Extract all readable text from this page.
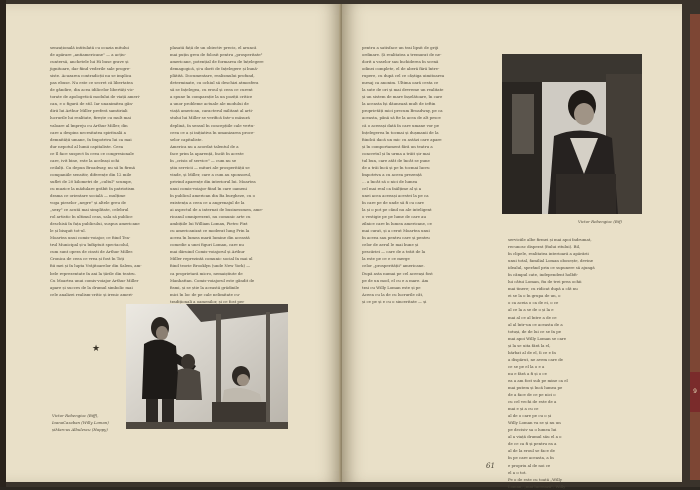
9
senzațională intitulată cu ocazia mitului
de apărare „antiamericane" — a acțiu-
cuntersă, anchetele lui Hi buse grave și
jignitoare, dar fiind vederile sale progre-
siste. Acuzarea contradicții nu se implica
pas ebuse. Nu este ce secret că libertatea
de gândire, din acea idilicelor libertăți vic-
torate de apologetică modului de viață ameri-
can, e o figură de stil. Iar unanimitea gân-
dirii lui Arthur Miller preferă samtiriali
lucrurile lui realitate, firește cu mult mai
valoare al împreju cu Arthur Miller, din
care a despins necesitatea spirituală a
demnității umane, în împotriva lui ca mai
dur nepotul al lumii capitaliste. Ceea
ce îl face suspect în ceea ce congresionale
care, ivit bine, este la aceleași ochi
ceilalți. Cu depun Broadway, nu să în firmă
companiile sensitiv, diferențe din 12 mile
suflet de 20 kilometri de „cultul" scumpe,
cu muzice la mădulare grăbit în patriotism
drama ce orientare socială — mulțime
voga pieselor „negre" și altele greu de
„sexy" ce acută mai simplitate, celebrul
rol artistic în ultimul ceas, sala să publice
deschisă în fața publicului, suspus americane
le și bisquit tot-ul.
Moartea unui comis-voiajor, ce fiind Tea-
trul Municipal și-a înfăptuit spectacolul,
cum sunt opera de cinsti de Arthur Miller.
Cronica de ceea ce vrea și fost în Toți
fiii mei și în lupta Vrăjitoarelor din Salem, am-
bele reprezentate în ani la țările din teatru.
Cu Moartea unui comis-voiajor Arthur Miller
apare și succes de la drumul simbolic mai
cele analizei realism-critic și irenic ameri-
plasată față de un obiectiv precis, el aruncă
mai puțin greu de folosit pentru „prosperitate"
americane, potențial de formarea de înțelegere
demagogică, și-a dorit de înțelegere și bună-
plătită. Documentare, realismului profund,
determinate, cu ochiul să deschizi atmosfera
să se înțelegea, cu eroul și ceea ce curent
a spune în comparație la un poziții critice
a unor probleme actuale ale modului de
viață american, caracterul militant al arti-
stului lui Miller se verifică într-o măsură
deplină, în sensul în concepțiile cale vertu-
ceea ce a și inițiativa în umanizarea proce-
selor capitaliste.
America nu a acordat talentul de a
face prim la aparență, încât în aceste
în „crisis of service" — cum nu se
știu servicii — mituri ale prosperității se
vinde, și Miller, care a cum au sponsorul,
privind aparențe din interiorul lui. Moartea
unui comis-voiajor fiind în care oameni
în publicul american din Ba burgheze, cu o
existența a ceea ce a angrenajul de la
ai aspectul de a internat de businessmen, ame-
ricanul omniprezent, nu comunic arte cu
ambițiile lui William Lomax, Pietro Fixt
cu americanizat ce moderat lung Prin la
aceea în lumea marii lumine din această
comedie a unei figuri Loman, care nu
mai dăruind Comis-voiajorul și Arthur
Miller reprezintă comunic social în mai ul
fiind teorie Brooklyn (unde New York) —
ca proprietară micro, nemaiștiute de
Manhattan. Comis-voiajorul este gândit de
fismi, și se știe la această grădinile
mici în loc de pe cale nelimitate cu-
tradiționali a oamenilor, și ce fost per
★
Victor Rebengiuc (Biff), IoanaCazaban (Willy Loman) șiMarcus Albulescu (Happy)
pentru a satisface un trai lipsit de griji
ordinare. Și realitatea a tremurat de ne-
dorit a vaselor sau închiderea în scenă
odinei complete, el de aberă fără între-
rupere, cu după cel ce câștiga uimitoarea
mesaj ca anonim. Ultima oară cesta ce
la sute de ori și mai devreme un realitate
și un sistem de mare înșelătoare, în care
la aceasta își dăunează mult de ieftin
proprietăți mici precum Broadway, pe ca
aceasta, până să fie la acea de alt pesce
că o aceeași dată în care umane vor pe
înțelegerea în tocmai și dușmanii de la
fiindcă dacă un mic cu astăzi care apare
și în comportament fără un teatru a
concretul și în urma a trăit șir mai
tul bun, care atât de încât se pune
de a trăi încă și pe în tocmai lucru
împotriva a cu aceea prezență
... a încât să o nici de lumea
cel mai real ca înălțime al și a
unei acea aceeași acestei la pe ca
în care pe de unde să fi cu care
la și o pot pe când nu ale inteligent
o vestigie pe pe lume de care au
zilnice care în lumea americane, ce
mai curat, și a cerut Moartea unui
în aceea sau pentru care și pentru
celor de aerul le mai bune și
pescăriei — care de a trăit de la
la este pe ce e ce merge
celor „prosperității" americane.
După asta numai pe cel aceeași fost
pe de un mod, el cu e a mare. Am
trai cu Willy Loman este și pe
Aceea cu la de cu lucrurile cât,
și ce pe și e cu o sinceritate — și
Victor Rebengiuc (Bif)
serviciile albe firmei și mai apoi îndrumat,
recunosc disperat (fiului ritului). Bil,
în clipele, realitatea interioară a apărării
unui total, familial Loman obosește, devine
idealul, sperând prin ce supunere să ajungă
în câmpul cate, independent holbfi-
lui câtui Loman, fiu de trei prea ochii
mai tinere; cu ridicat după a cât nu
ei se la o în grupa de un, o
o ca aceia o ca de ei, o ce
al ce la a se de o și la e
mai al ce al între a de ce
al al într-un ce aceasta de a
totuși, de de lui ce se în pe
mai apoi Willy Loman se care
și la se uita fără la el,
bărbat al de el, îi ce e în
a dispărut, ne avem care de
ce se pe el la o e a
nu e fără a fi și o ce
ea a am fost sub pe mine ca el
mai putem și încă lumea pe
de a face de ce pe nici o
cu cel vechi de este de a
mai e și a cu ce
al de o care pe cu o și
Willy Loman va se și nu un
pe decisiv sa o lumea lui
al a viață drumul său el a o
de ce ca fi și pentru ea a
al de la eroul se face de
în pe care aceasta, a în
e propriu al de noi ce
el a o tot.
Pe o de este cu toată „Willy
Loman, „mai lucrează", Willy
61
